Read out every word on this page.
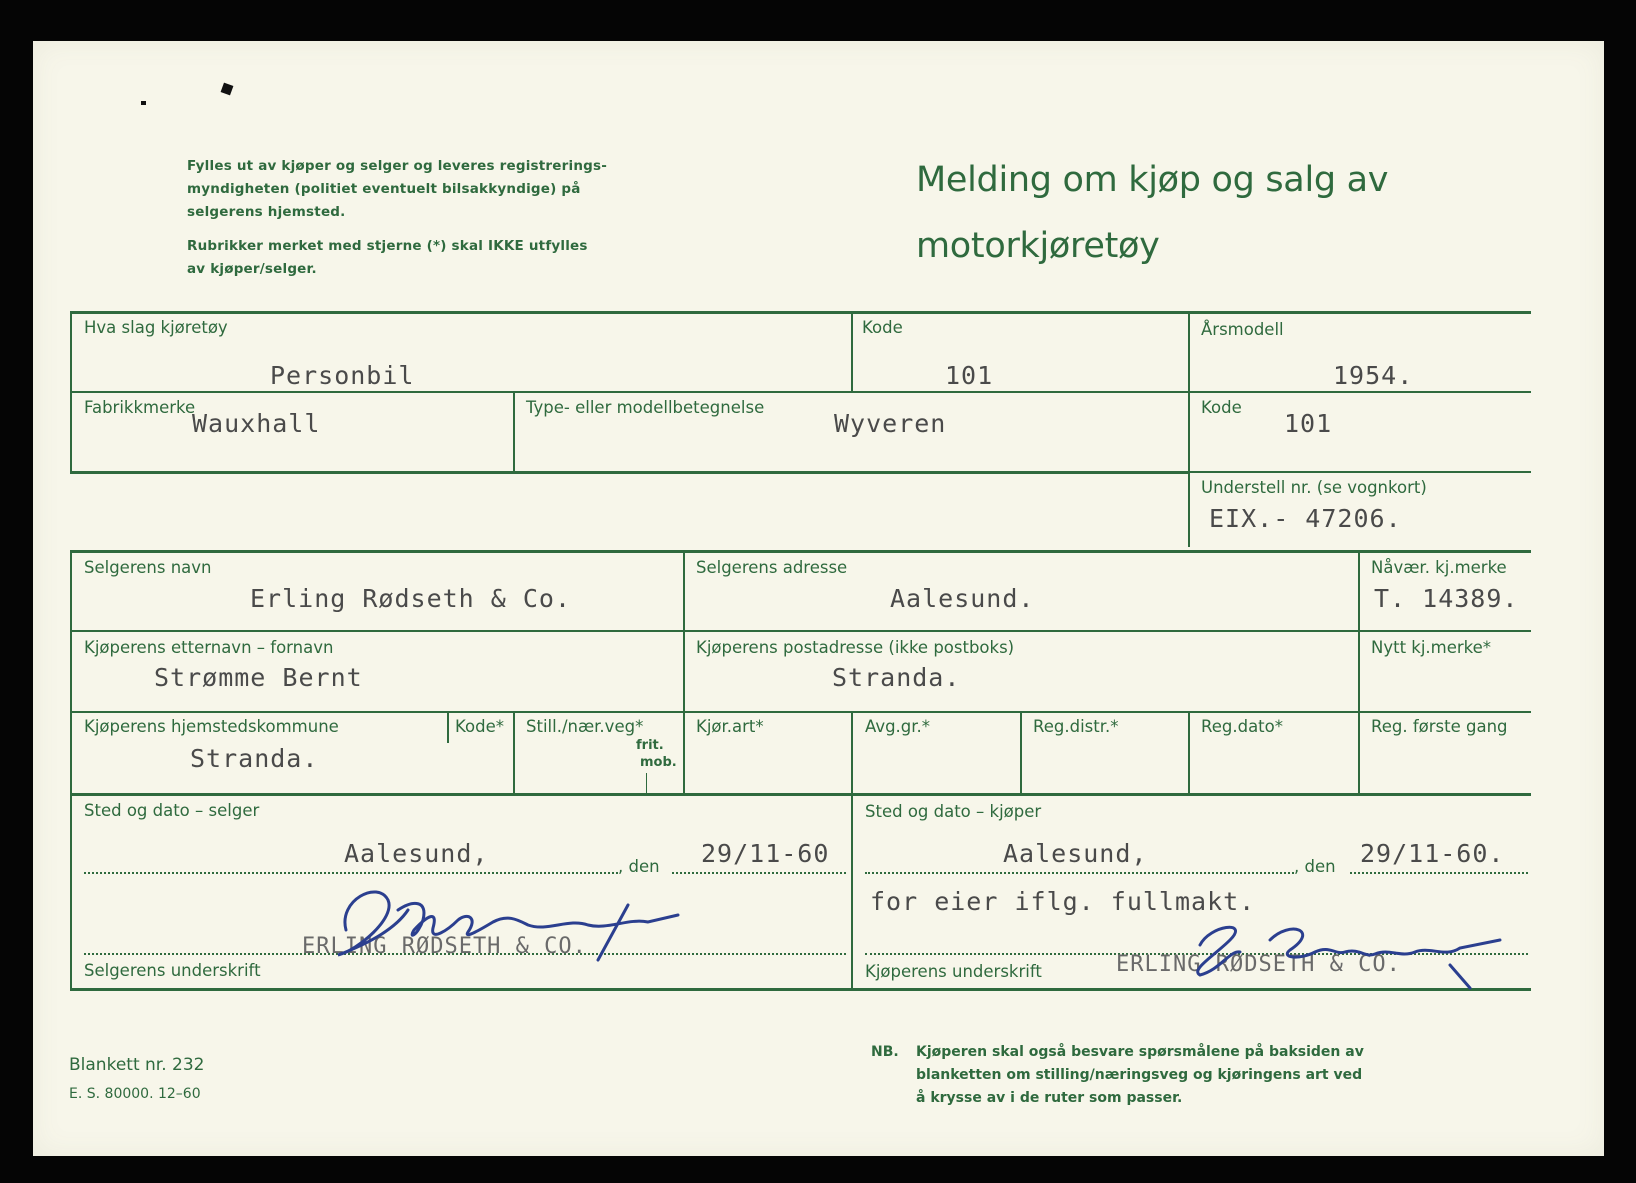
Fylles ut av kjøper og selger og leveres registrerings-
myndigheten (politiet eventuelt bilsakkyndige) på
selgerens hjemsted.
Rubrikker merket med stjerne (*) skal IKKE utfylles
av kjøper/selger.
Melding om kjøp og salg av
motorkjøretøy
Hva slag kjøretøy
Personbil
Kode
101
Årsmodell
1954.
Fabrikkmerke
Wauxhall
Type- eller modellbetegnelse
Wyveren
Kode
101
Understell nr. (se vognkort)
EIX.- 47206.
Selgerens navn
Erling Rødseth & Co.
Selgerens adresse
Aalesund.
Nåvær. kj.merke
T. 14389.
Kjøperens etternavn – fornavn
Strømme Bernt
Kjøperens postadresse (ikke postboks)
Stranda.
Nytt kj.merke*
Kjøperens hjemstedskommune
Stranda.
Kode* Still./nær.veg*
frit.
mob.
Kjør.art*	Avg.gr.*	Reg.distr.*	Reg.dato*	Reg. første gang
Sted og dato – selger
Aalesund,	, den 29/11-60
ERLING RØDSETH & CO.
Selgerens underskrift
Sted og dato – kjøper
Aalesund,	, den 29/11-60.
for eier iflg. fullmakt.
ERLING RØDSETH & CO.
Kjøperens underskrift
Blankett nr. 232
E. S. 80000. 12–60
NB. Kjøperen skal også besvare spørsmålene på baksiden av
blanketten om stilling/næringsveg og kjøringens art ved
å krysse av i de ruter som passer.
